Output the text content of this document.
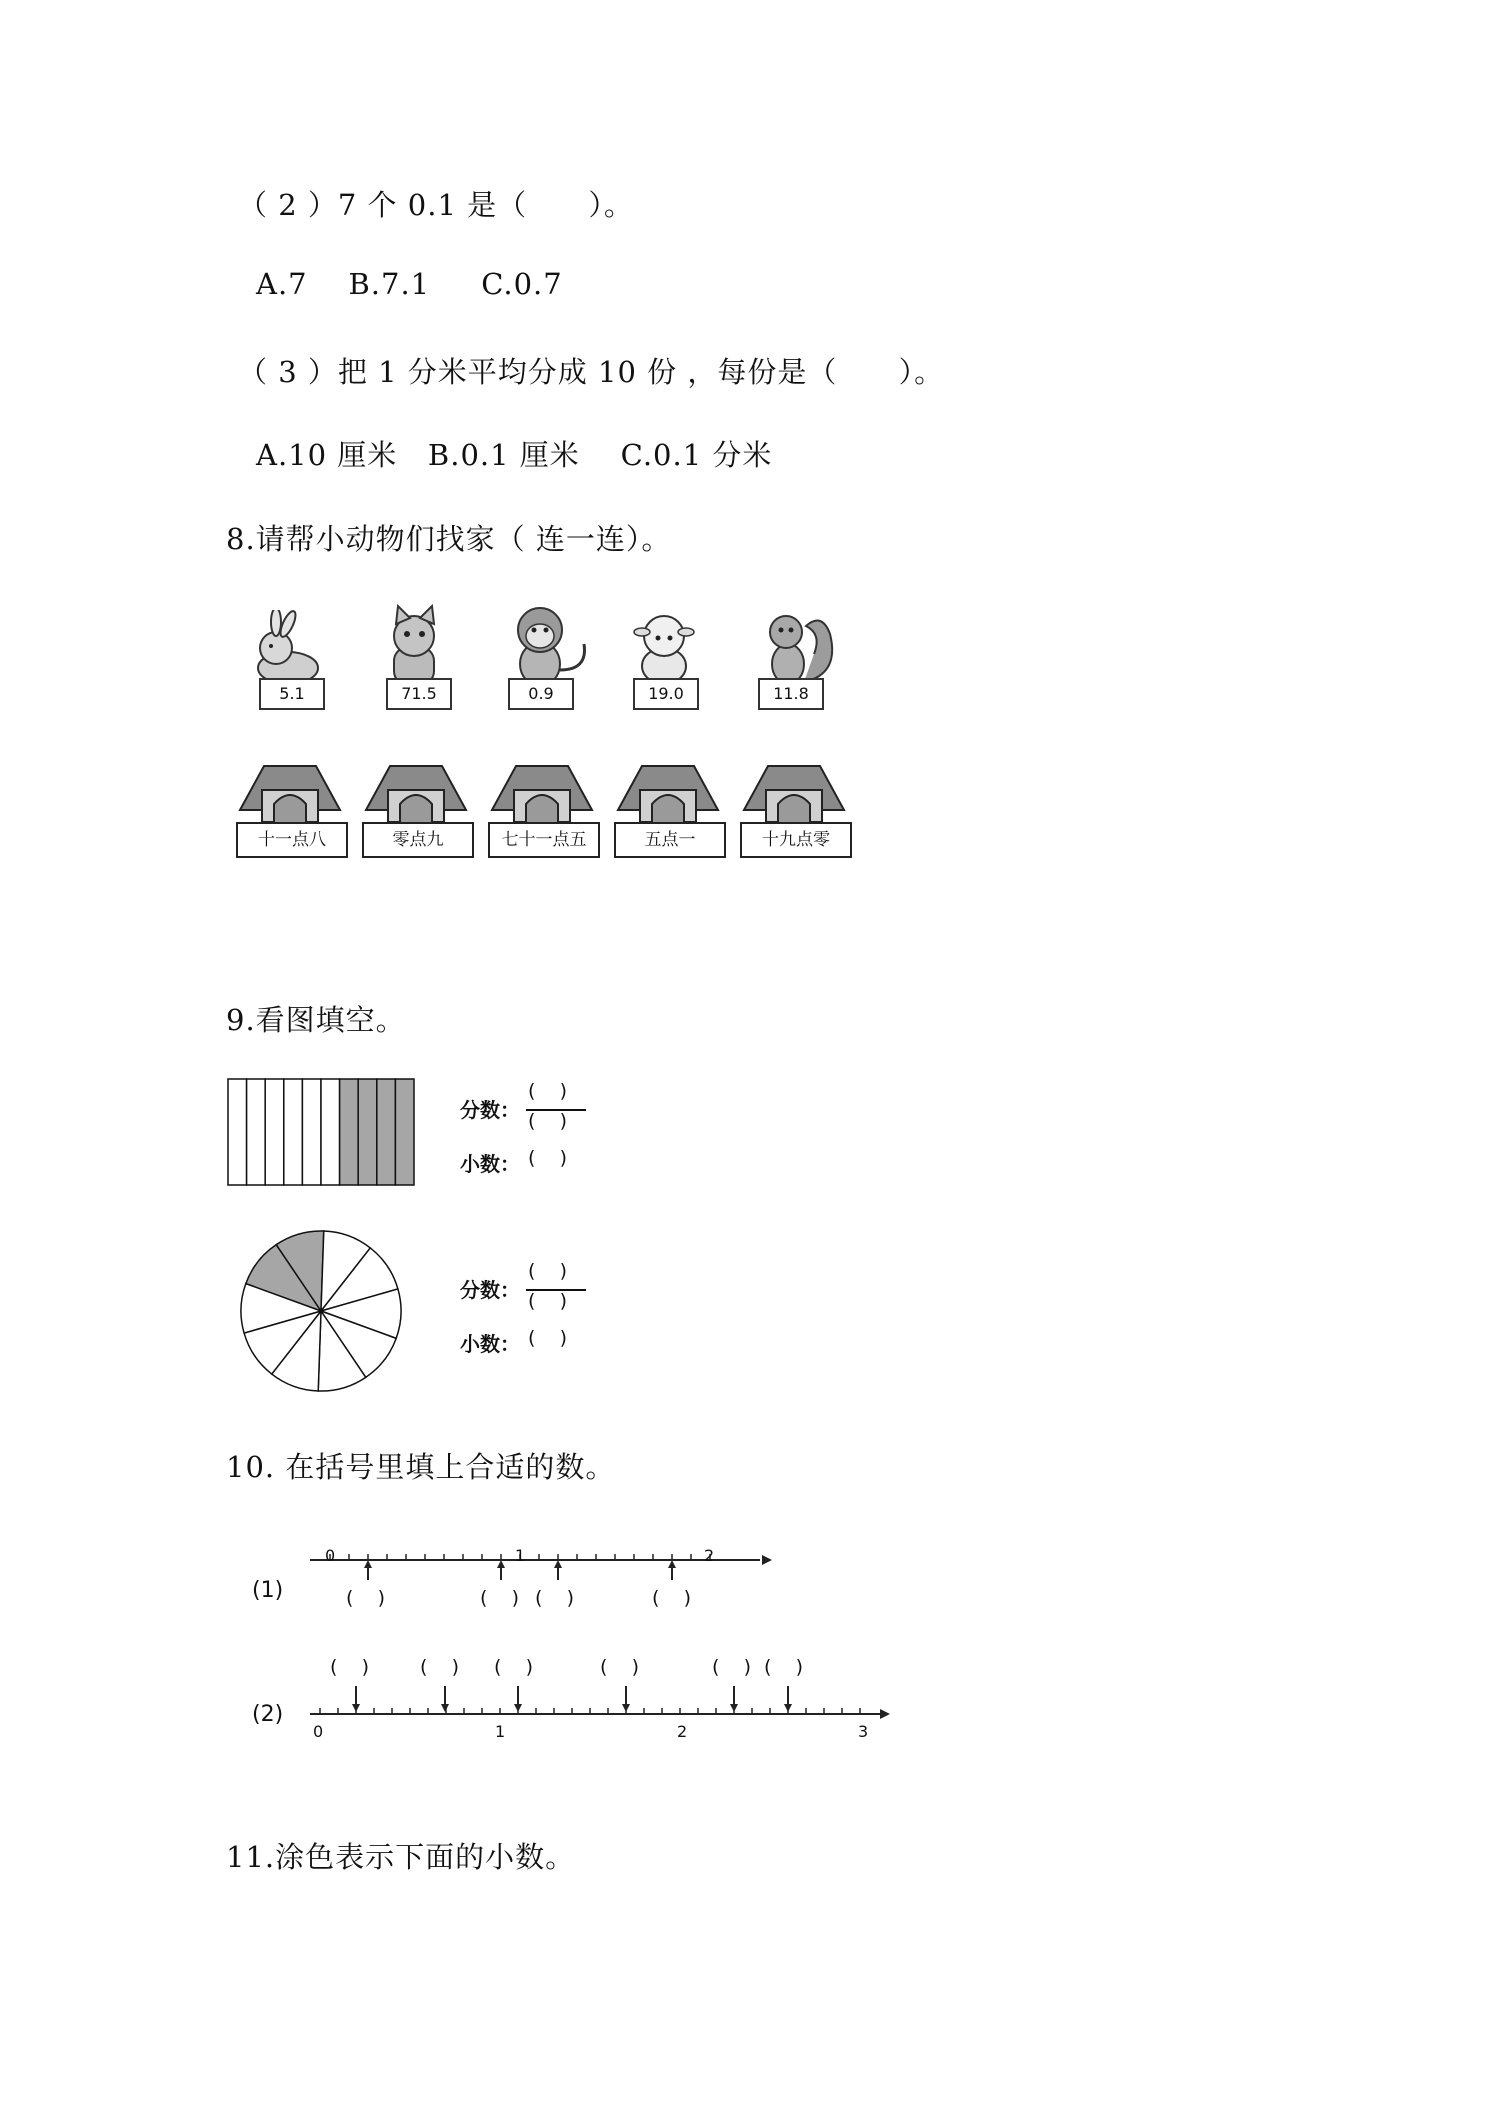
（ 2 ）7 个 0.1 是（      ）。
A.7    B.7.1     C.0.7
（ 3 ）把 1 分米平均分成 10 份 ，每份是（      ）。
A.10 厘米   B.0.1 厘米    C.0.1 分米
8.请帮小动物们找家（ 连一连）。
5.1	71.5	0.9	19.0	11.8
十一点八	零点九	七十一点五	五点一	十九点零
9.看图填空。
分数：
(    )
(    )
小数： (    )
分数：
(    )
(    )
小数： (    )
10. 在括号里填上合适的数。
(1)
0	1	2
(    )	(    ) (    )	(    )
(    )	(    ) (    )	(    )	(    ) (    )
(2)
0	1	2	3
11.涂色表示下面的小数。
